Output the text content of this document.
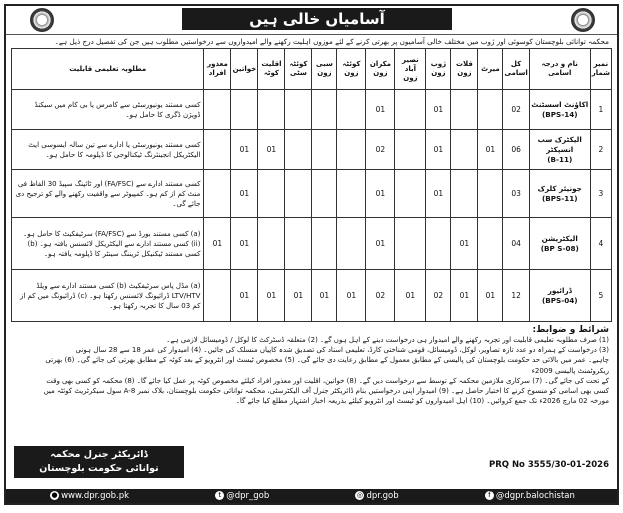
آسامیاں خالی ہیں
محکمہ توانائی بلوچستان کوسوئی اور ژوب میں مختلف خالی آسامیوں پر بھرتی کرنے کے لئے موزوں اہلیت رکھنے والے امیدواروں سے درخواستیں مطلوب ہیں جن کی تفصیل درج ذیل ہے۔
نمبر شمار	نام و درجہ اسامی	کل اسامی	میرٹ	قلات زون	ژوب زون	نصیر آباد زون	مکران زون	کوئٹہ زون	سبی زون	کوئٹہ سٹی	اقلیت کوٹہ	خواتین	معذور افراد	مطلوبہ تعلیمی قابلیت
1	اکاؤنٹ اسسٹنٹ
(BPS-14)	02			01		01							کسی مستند یونیورسٹی سے کامرس یا بی کام میں سیکنڈ ڈویژن ڈگری کا حامل ہو۔
2	الیکٹرک سب انسپکٹر
(B-11)	06	01		01		02				01	01		کسی مستند یونیورسٹی یا ادارے سے تین سالہ ایسوسی ایٹ الیکٹریکل انجینئرنگ ٹیکنالوجی کا ڈپلومہ کا حامل ہو۔
3	جونیئر کلرک
(BPS-11)	03			01		01					01		کسی مستند ادارے سے (FA/FSC) اور ٹائپنگ سپیڈ 30 الفاظ فی منٹ کم از کم ہو۔ کمپیوٹر سے واقفیت رکھنے والے کو ترجیح دی جائے گی۔
4	الیکٹریشن
(BP S-08)	04		01			01					01	01	(a) کسی مستند بورڈ سے (FA/FSC) سرٹیفکیٹ کا حامل ہو۔ (ii) کسی مستند ادارے سے الیکٹریکل لائسنس یافتہ ہو۔ (b) کسی مستند ٹیکنیکل ٹریننگ سینٹر کا ڈپلومہ یافتہ ہو۔
5	ڈرائیور
(BPS-04)	12	01	01	02	01	02	01	01	01	01	01		(a) مڈل پاس سرٹیفکیٹ (b) کسی مستند ادارے سے ویلڈ LTV/HTV ڈرائیونگ لائسنس رکھتا ہو۔ (c) ڈرائیونگ میں کم از کم 03 سال کا تجربہ رکھتا ہو۔
شرائط و ضوابط:
(1) صرف مطلوبہ تعلیمی قابلیت اور تجربہ رکھنے والے امیدوار ہی درخواست دینے کے اہل ہوں گے۔ (2) متعلقہ ڈسٹرکٹ کا لوکل / ڈومیسائل لازمی ہے۔
(3) درخواست کے ہمراہ دو عدد تازہ تصاویر، لوکل، ڈومیسائل، قومی شناختی کارڈ، تعلیمی اسناد کی تصدیق شدہ کاپیاں منسلک کی جائیں۔ (4) امیدوار کی عمر 18 سے 28 سال ہونی
چاہیے۔ عمر میں بالائی حد حکومت بلوچستان کی پالیسی کے مطابق معمول کے مطابق رعایت دی جائے گی۔ (5) مخصوص ٹیسٹ اور انٹرویو کے بعد کوٹہ کے مطابق بھرتی کی جائے گی۔ (6) بھرتی ریکروٹمنٹ پالیسی 2009ء
کے تحت کی جائے گی۔ (7) سرکاری ملازمین محکمہ کے توسط سے درخواست دیں گے۔ (8) خواتین، اقلیت اور معذور افراد کیلئے مخصوص کوٹہ پر عمل کیا جائے گا۔ (8) محکمہ کو کسی بھی وقت
کسی بھی اسامی کو منسوخ کرنے کا اختیار حاصل ہے۔ (9) امیدوار اپنی درخواستیں بنام ڈائریکٹر جنرل آف الیکٹرسٹی، محکمہ توانائی حکومت بلوچستان، بلاک نمبر A-8 سول سیکرٹریٹ کوئٹہ میں
مورخہ 02 مارچ 2026ء تک جمع کروائیں۔ (10) اہل امیدواروں کو ٹیسٹ اور انٹرویو کیلئے بذریعہ اخبار اشتہار مطلع کیا جائے گا۔
ڈائریکٹر جنرل محکمہ
توانائی حکومت بلوچستان	PRQ No 3555/30-01-2026
● www.dpr.gob.pk	t @dpr_gob	◎ dpr.gob	f @dgpr.balochistan
